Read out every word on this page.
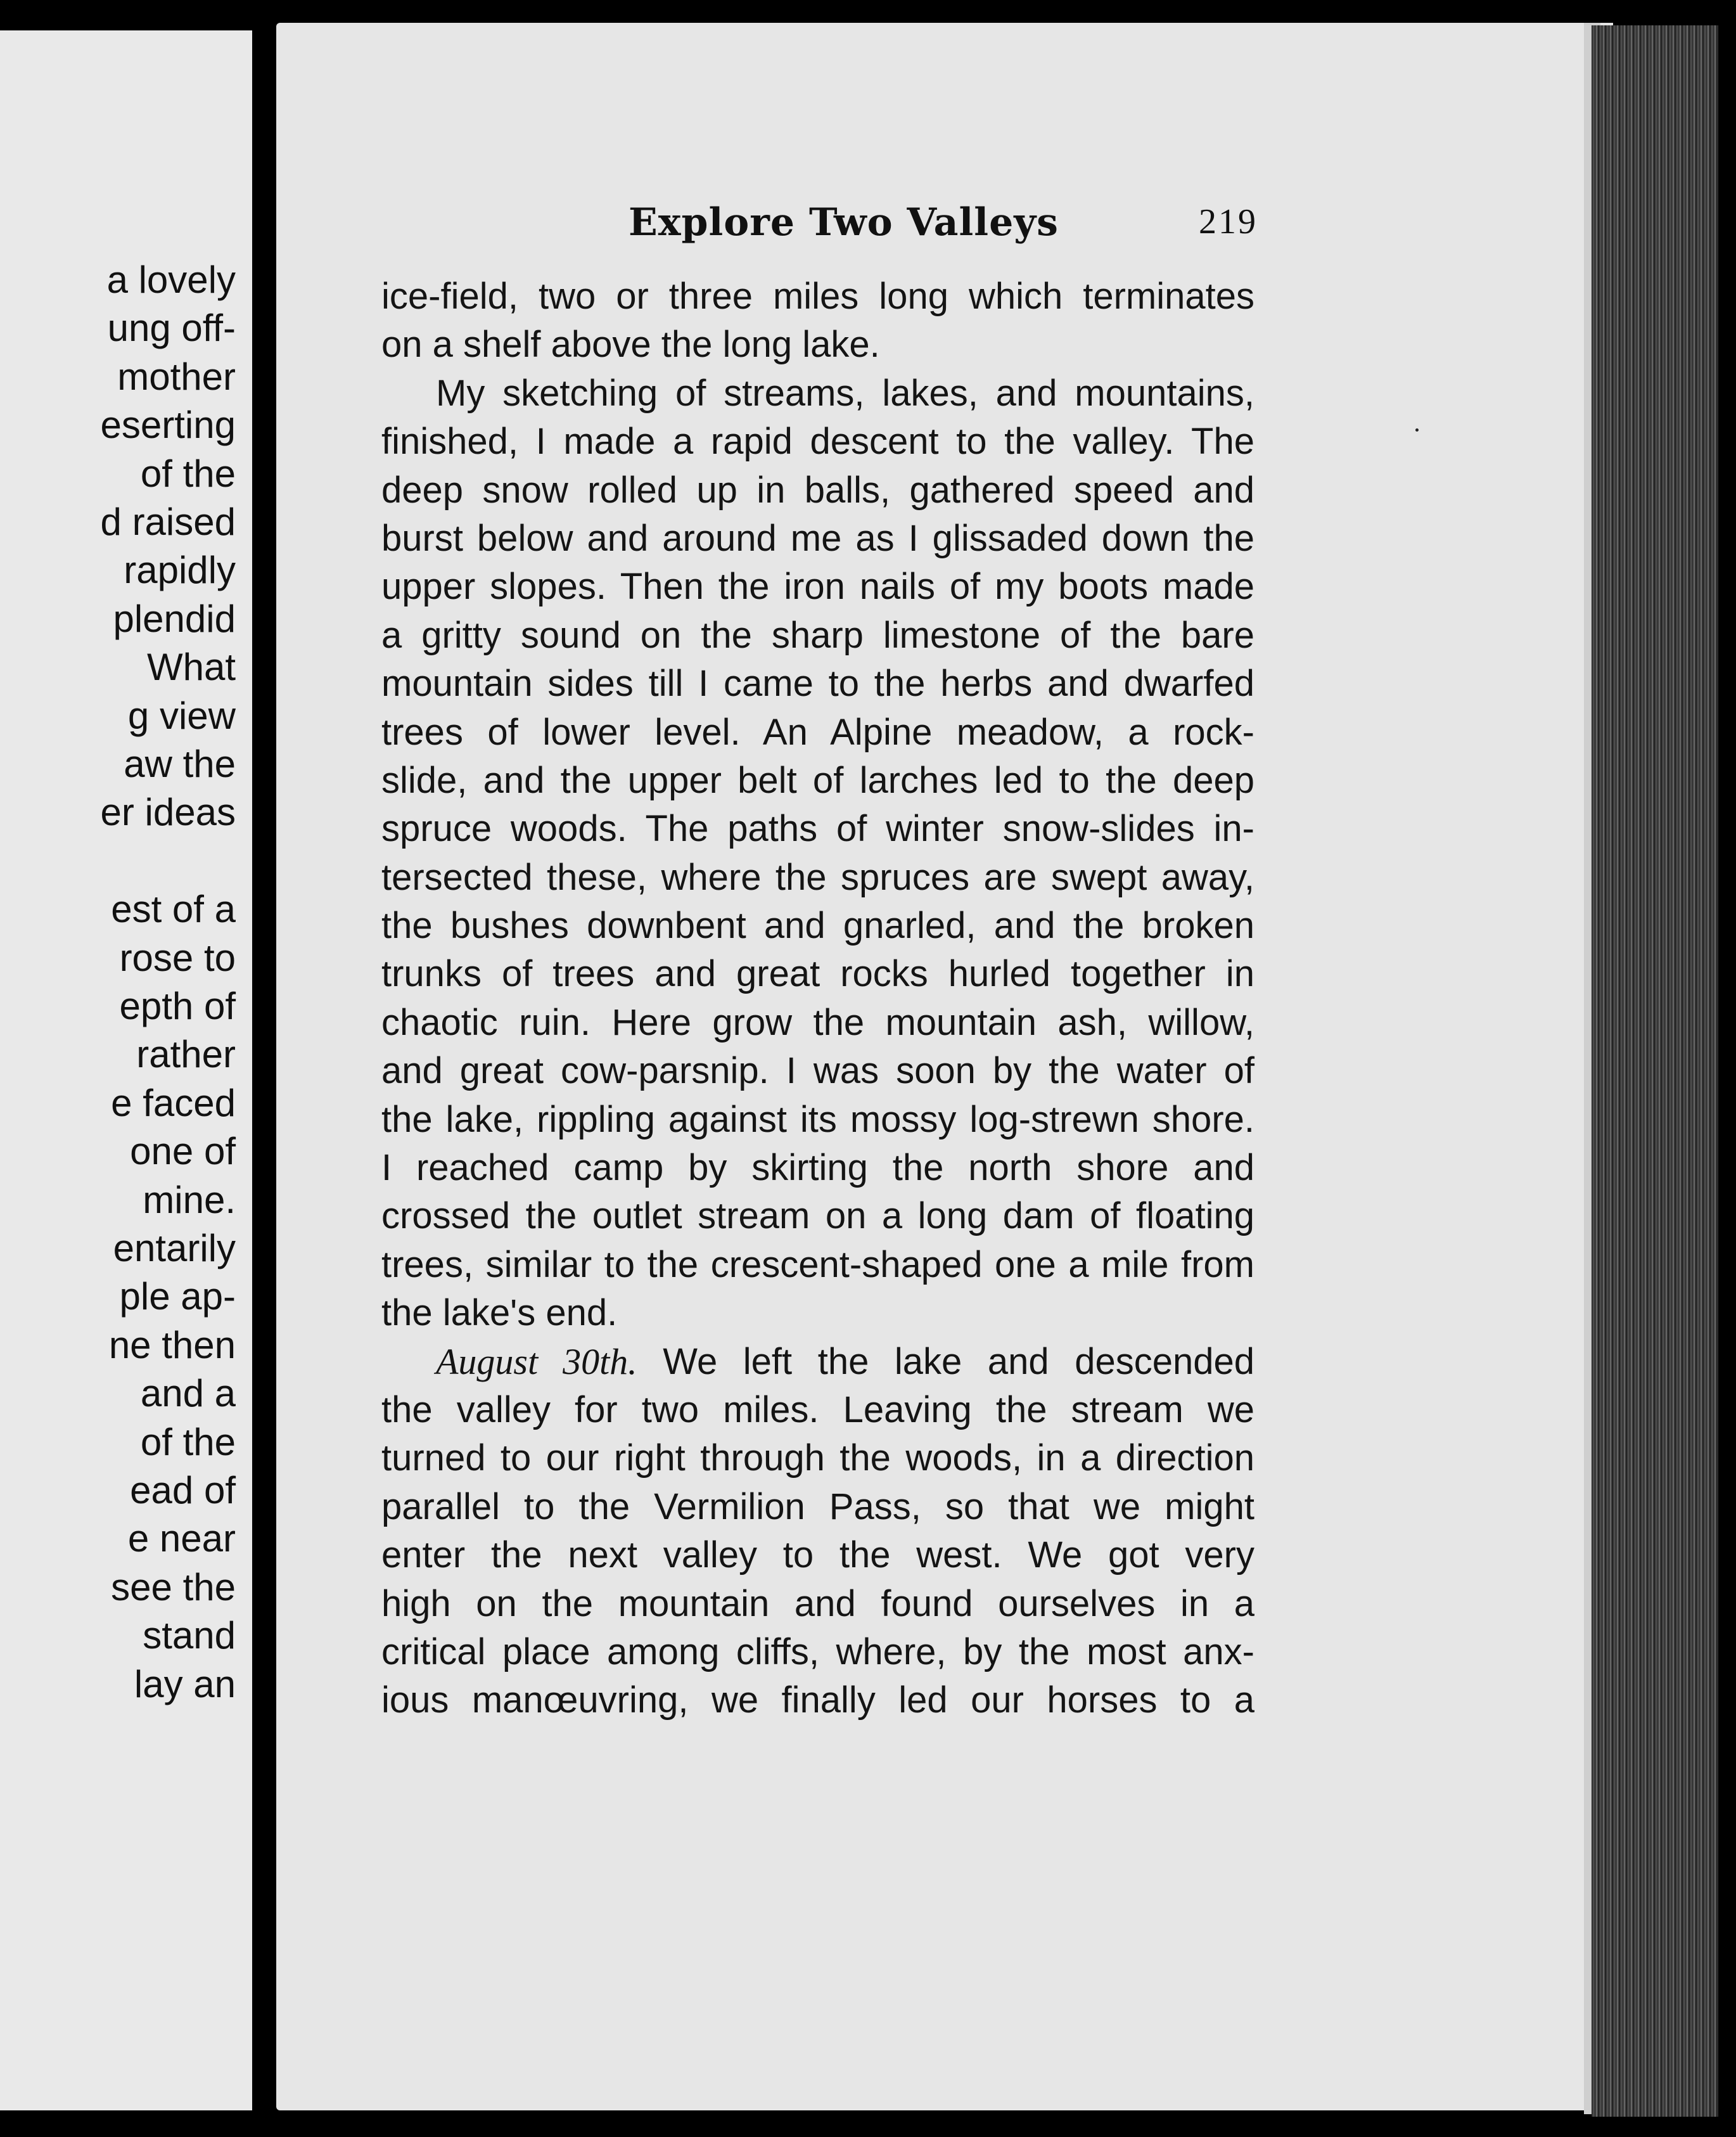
a lovely
ung off-
mother
eserting
of the
d raised
rapidly
plendid
What
g view
aw the
er ideas
est of a
rose to
epth of
rather
e faced
one of
mine.
entarily
ple ap-
ne then
and a
of the
ead of
e near
see the
stand
lay an
Explore Two Valleys	219
ice-field, two or three miles long which terminates
on a shelf above the long lake.
My sketching of streams, lakes, and mountains,
finished, I made a rapid descent to the valley. The
deep snow rolled up in balls, gathered speed and
burst below and around me as I glissaded down the
upper slopes. Then the iron nails of my boots made
a gritty sound on the sharp limestone of the bare
mountain sides till I came to the herbs and dwarfed
trees of lower level. An Alpine meadow, a rock-
slide, and the upper belt of larches led to the deep
spruce woods. The paths of winter snow-slides in-
tersected these, where the spruces are swept away,
the bushes downbent and gnarled, and the broken
trunks of trees and great rocks hurled together in
chaotic ruin. Here grow the mountain ash, willow,
and great cow-parsnip. I was soon by the water of
the lake, rippling against its mossy log-strewn shore.
I reached camp by skirting the north shore and
crossed the outlet stream on a long dam of floating
trees, similar to the crescent-shaped one a mile from
the lake's end.
August 30th. We left the lake and descended
the valley for two miles. Leaving the stream we
turned to our right through the woods, in a direction
parallel to the Vermilion Pass, so that we might
enter the next valley to the west. We got very
high on the mountain and found ourselves in a
critical place among cliffs, where, by the most anx-
ious manœuvring, we finally led our horses to a
